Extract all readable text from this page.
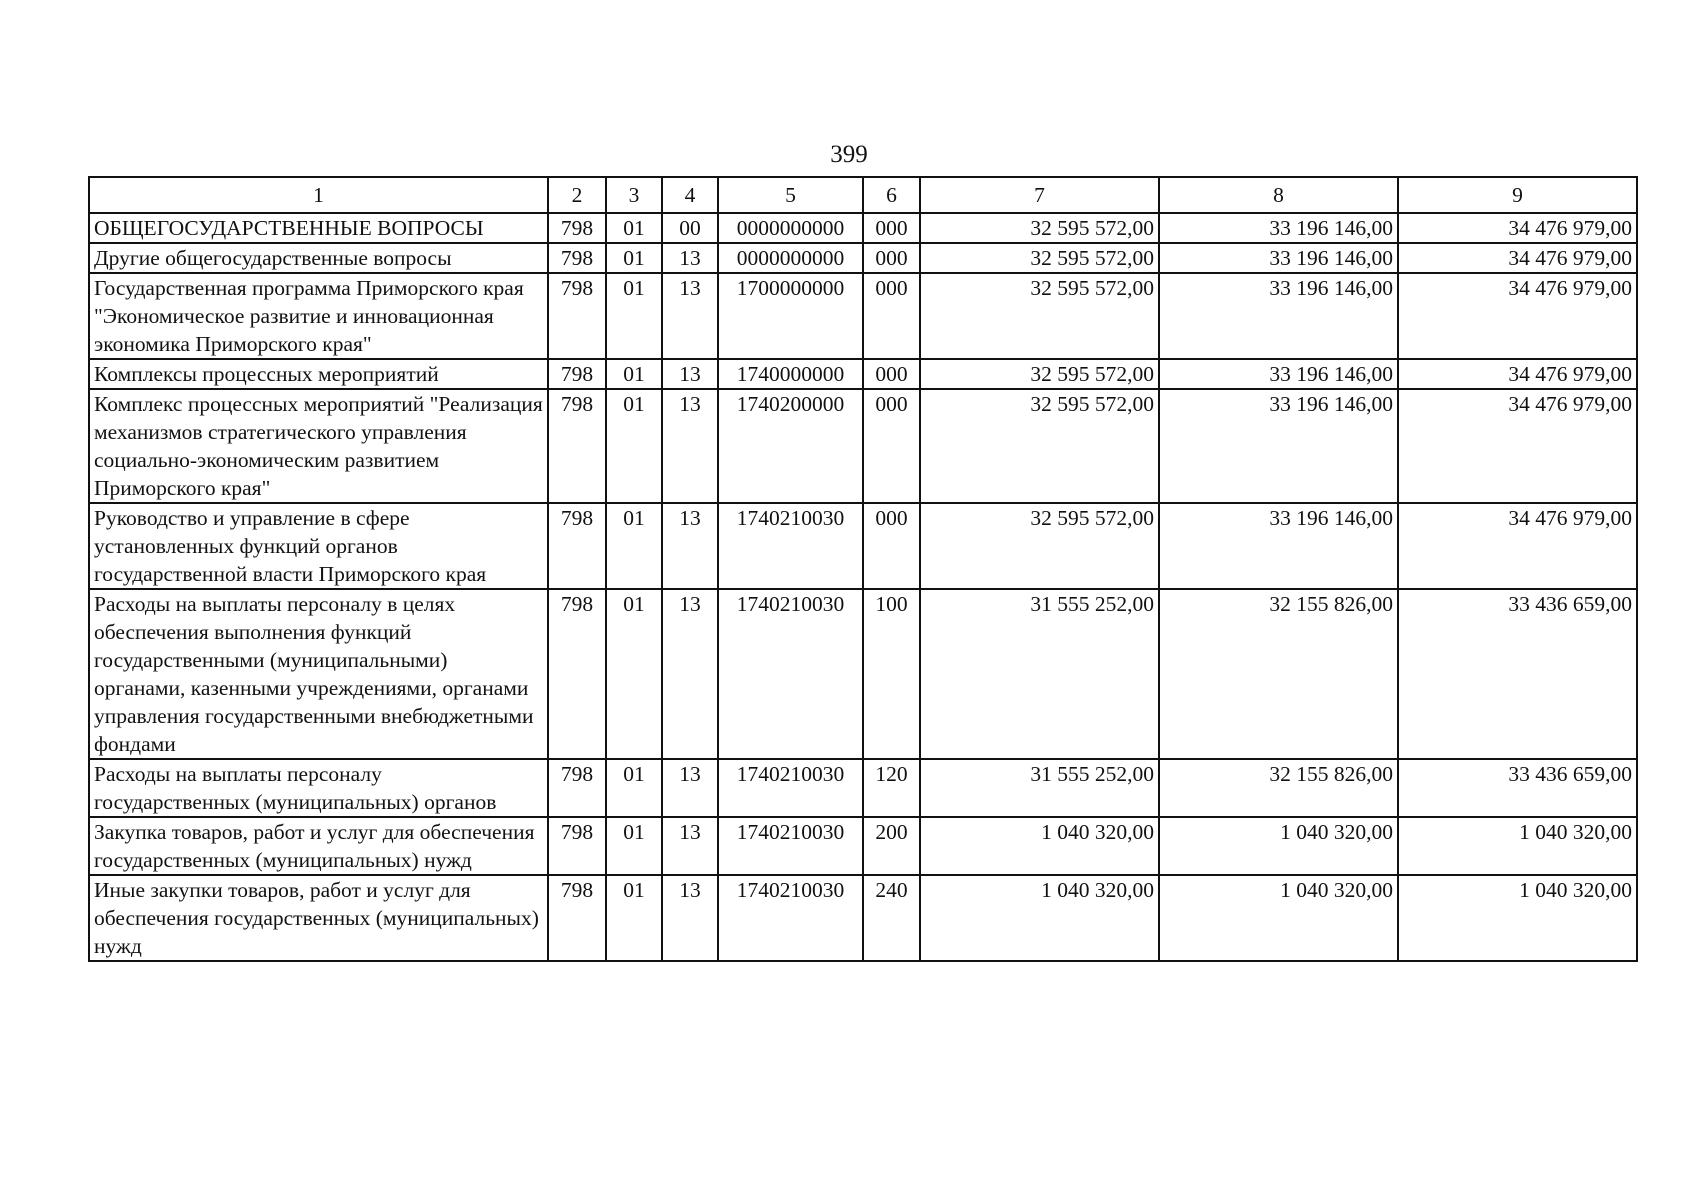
399
1	2	3	4	5	6	7	8	9
ОБЩЕГОСУДАРСТВЕННЫЕ ВОПРОСЫ	798	01	00	0000000000	000	32 595 572,00	33 196 146,00	34 476 979,00
Другие общегосударственные вопросы	798	01	13	0000000000	000	32 595 572,00	33 196 146,00	34 476 979,00
Государственная программа Приморского края "Экономическое развитие и инновационная экономика Приморского края"	798	01	13	1700000000	000	32 595 572,00	33 196 146,00	34 476 979,00
Комплексы процессных мероприятий	798	01	13	1740000000	000	32 595 572,00	33 196 146,00	34 476 979,00
Комплекс процессных мероприятий "Реализация механизмов стратегического управления социально-экономическим развитием Приморского края"	798	01	13	1740200000	000	32 595 572,00	33 196 146,00	34 476 979,00
Руководство и управление в сфере установленных функций органов государственной власти Приморского края	798	01	13	1740210030	000	32 595 572,00	33 196 146,00	34 476 979,00
Расходы на выплаты персоналу в целях обеспечения выполнения функций государственными (муниципальными) органами, казенными учреждениями, органами управления государственными внебюджетными фондами	798	01	13	1740210030	100	31 555 252,00	32 155 826,00	33 436 659,00
Расходы на выплаты персоналу государственных (муниципальных) органов	798	01	13	1740210030	120	31 555 252,00	32 155 826,00	33 436 659,00
Закупка товаров, работ и услуг для обеспечения государственных (муниципальных) нужд	798	01	13	1740210030	200	1 040 320,00	1 040 320,00	1 040 320,00
Иные закупки товаров, работ и услуг для обеспечения государственных (муниципальных) нужд	798	01	13	1740210030	240	1 040 320,00	1 040 320,00	1 040 320,00
